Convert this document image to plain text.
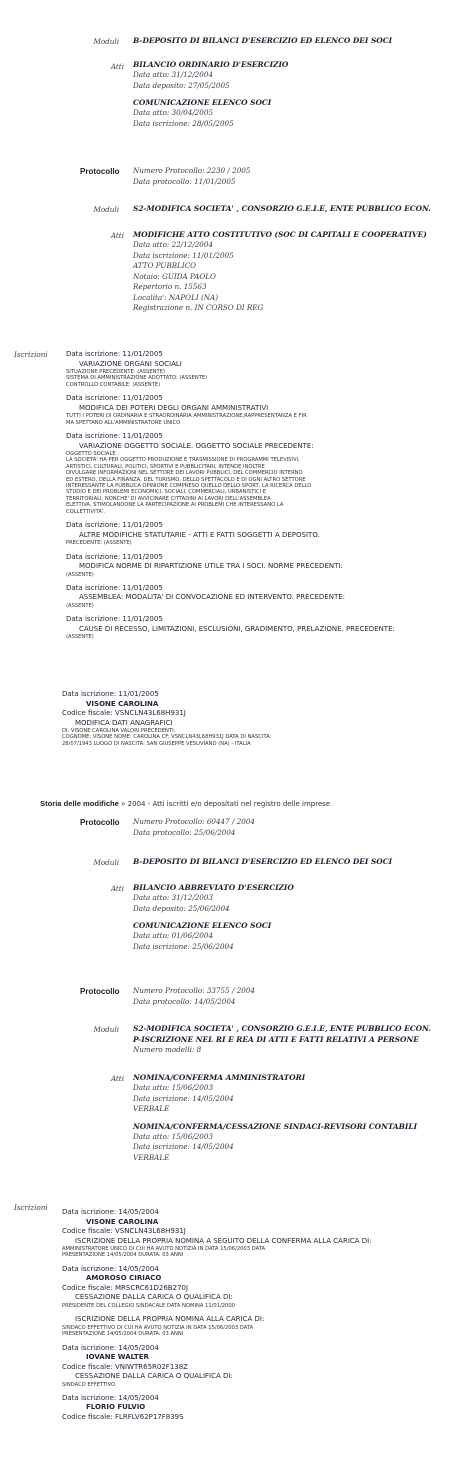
Moduli B-DEPOSITO DI BILANCI D'ESERCIZIO ED ELENCO DEI SOCI
Atti BILANCIO ORDINARIO D'ESERCIZIO
Data atto: 31/12/2004
Data deposito: 27/05/2005
COMUNICAZIONE ELENCO SOCI
Data atto: 30/04/2005
Data iscrizione: 28/05/2005
Protocollo Numero Protocollo: 2230 / 2005
Data protocollo: 11/01/2005
Moduli S2-MODIFICA SOCIETA' , CONSORZIO G.E.I.E, ENTE PUBBLICO ECON.
Atti MODIFICHE ATTO COSTITUTIVO (SOC DI CAPITALI E COOPERATIVE)
Data atto: 22/12/2004
Data iscrizione: 11/01/2005
ATTO PUBBLICO
Notaio: GUIDA PAOLO
Repertorio n. 15563
Localita': NAPOLI (NA)
Registrazione n. IN CORSO DI REG
Iscrizioni	Data iscrizione: 11/01/2005
VARIAZIONE ORGANI SOCIALI
SITUAZIONE PRECEDENTE: (ASSENTE)
SISTEMA DI AMMINISTRAZIONE ADOTTATO: (ASSENTE)
CONTROLLO CONTABILE: (ASSENTE)
Data iscrizione: 11/01/2005
MODIFICA DEI POTERI DEGLI ORGANI AMMINISTRATIVI
TUTTI I POTERI DI ORDINARIA E STRAORDINARIA AMMINISTRAZIONE,RAPPRESENTANZA E FIR
MA SPETTANO ALL'AMMINISTRATORE UNICO
Data iscrizione: 11/01/2005
VARIAZIONE OGGETTO SOCIALE. OGGETTO SOCIALE PRECEDENTE:
OGGETTO SOCIALE :
LA SOCIETA' HA PER OGGETTO PRODUZIONE E TRASMISSIONE DI PROGRAMMI TELEVISIVI,
ARTISTICI, CULTURALI, POLITICI, SPORTIVI E PUBBLICITARI, INTENDE INOLTRE
DIVULGARE INFORMAZIONI NEL SETTORE DEI LAVORI PUBBLICI, DEL COMMERCIO INTERNO
ED ESTERO, DELLA FINANZA, DEL TURISMO, DELLO SPETTACOLO E DI OGNI ALTRO SETTORE
INTERESSANTE LA PUBBLICA OPINIONE COMPRESO QUELLO DELLO SPORT, LA RICERCA DELLO
STUDIO E DEI PROBLEMI ECONOMICI, SOCIALI, COMMERCIALI, URBANISTICI E
TERRITORIALI, NONCHE' DI AVVICINARE CITTADINI AI LAVORI DELL'ASSEMBLEA
ELETTIVA, STIMOLANDONE LA PARTECIPAZIONE AI PROBLEMI CHE INTERESSANO LA
COLLETTIVITA'.
Data iscrizione: 11/01/2005
ALTRE MODIFICHE STATUTARIE - ATTI E FATTI SOGGETTI A DEPOSITO.
PRECEDENTE: (ASSENTE)
Data iscrizione: 11/01/2005
MODIFICA NORME DI RIPARTIZIONE UTILE TRA I SOCI. NORME PRECEDENTI:
(ASSENTE)
Data iscrizione: 11/01/2005
ASSEMBLEA: MODALITA' DI CONVOCAZIONE ED INTERVENTO. PRECEDENTE:
(ASSENTE)
Data iscrizione: 11/01/2005
CAUSE DI RECESSO, LIMITAZIONI, ESCLUSIONI, GRADIMENTO, PRELAZIONE. PRECEDENTE:
(ASSENTE)
Data iscrizione: 11/01/2005
VISONE CAROLINA
Codice fiscale: VSNCLN43L68H931J
MODIFICA DATI ANAGRAFICI
DI: VISONE CAROLINA VALORI PRECEDENTI:
COGNOME: VISONE NOME: CAROLINA CF: VSNCLN43L68H931J DATA DI NASCITA:
28/07/1943 LUOGO DI NASCITA: SAN GIUSEPPE VESUVIANO (NA) - ITALIA
Storia delle modifiche » 2004 - Atti iscritti e/o depositati nel registro delle imprese
Protocollo Numero Protocollo: 60447 / 2004
Data protocollo: 25/06/2004
Moduli B-DEPOSITO DI BILANCI D'ESERCIZIO ED ELENCO DEI SOCI
Atti BILANCIO ABBREVIATO D'ESERCIZIO
Data atto: 31/12/2003
Data deposito: 25/06/2004
COMUNICAZIONE ELENCO SOCI
Data atto: 01/06/2004
Data iscrizione: 25/06/2004
Protocollo Numero Protocollo: 33755 / 2004
Data protocollo: 14/05/2004
Moduli S2-MODIFICA SOCIETA' , CONSORZIO G.E.I.E, ENTE PUBBLICO ECON.
P-ISCRIZIONE NEL RI E REA DI ATTI E FATTI RELATIVI A PERSONE
Numero modelli: 8
Atti NOMINA/CONFERMA AMMINISTRATORI
Data atto: 15/06/2003
Data iscrizione: 14/05/2004
VERBALE
NOMINA/CONFERMA/CESSAZIONE SINDACI-REVISORI CONTABILI
Data atto: 15/06/2003
Data iscrizione: 14/05/2004
VERBALE
Iscrizioni Data iscrizione: 14/05/2004
VISONE CAROLINA
Codice fiscale: VSNCLN43L68H931J
ISCRIZIONE DELLA PROPRIA NOMINA A SEGUITO DELLA CONFERMA ALLA CARICA DI:
AMMINISTRATORE UNICO DI CUI HA AVUTO NOTIZIA IN DATA 15/06/2003 DATA
PRESENTAZIONE 14/05/2004 DURATA: 03 ANNI
Data iscrizione: 14/05/2004
AMOROSO CIRIACO
Codice fiscale: MRSCRC61D26B270J
CESSAZIONE DALLA CARICA O QUALIFICA DI:
PRESIDENTE DEL COLLEGIO SINDACALE DATA NOMINA 11/01/2000
ISCRIZIONE DELLA PROPRIA NOMINA ALLA CARICA DI:
SINDACO EFFETTIVO DI CUI HA AVUTO NOTIZIA IN DATA 15/06/2003 DATA
PRESENTAZIONE 14/05/2004 DURATA: 03 ANNI
Data iscrizione: 14/05/2004
IOVANE WALTER
Codice fiscale: VNIWTR65R02F138Z
CESSAZIONE DALLA CARICA O QUALIFICA DI:
SINDACO EFFETTIVO
Data iscrizione: 14/05/2004
FLORIO FULVIO
Codice fiscale: FLRFLV62P17F839S
